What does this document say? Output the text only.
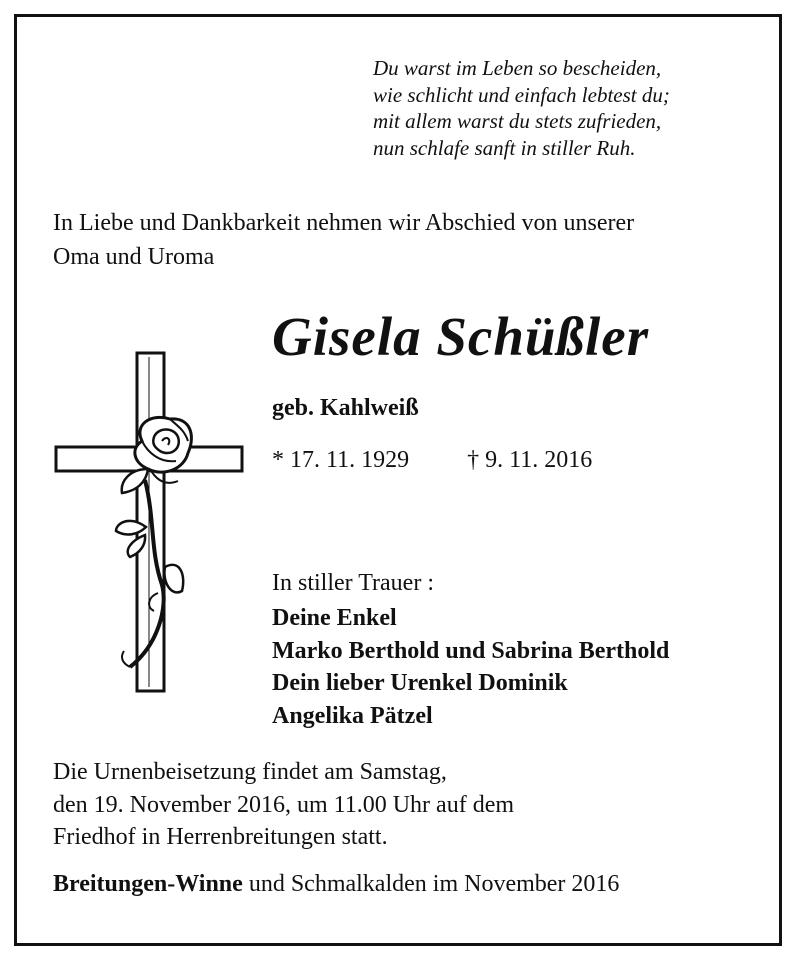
Du warst im Leben so bescheiden,
wie schlicht und einfach lebtest du;
mit allem warst du stets zufrieden,
nun schlafe sanft in stiller Ruh.
In Liebe und Dankbarkeit nehmen wir Abschied von unserer
Oma und Uroma
Gisela Schüßler
geb. Kahlweiß
* 17. 11. 1929 † 9. 11. 2016
In stiller Trauer :
Deine Enkel
Marko Berthold und Sabrina Berthold
Dein lieber Urenkel Dominik
Angelika Pätzel
Die Urnenbeisetzung findet am Samstag,
den 19. November 2016, um 11.00 Uhr auf dem
Friedhof in Herrenbreitungen statt.
Breitungen-Winne und Schmalkalden im November 2016
